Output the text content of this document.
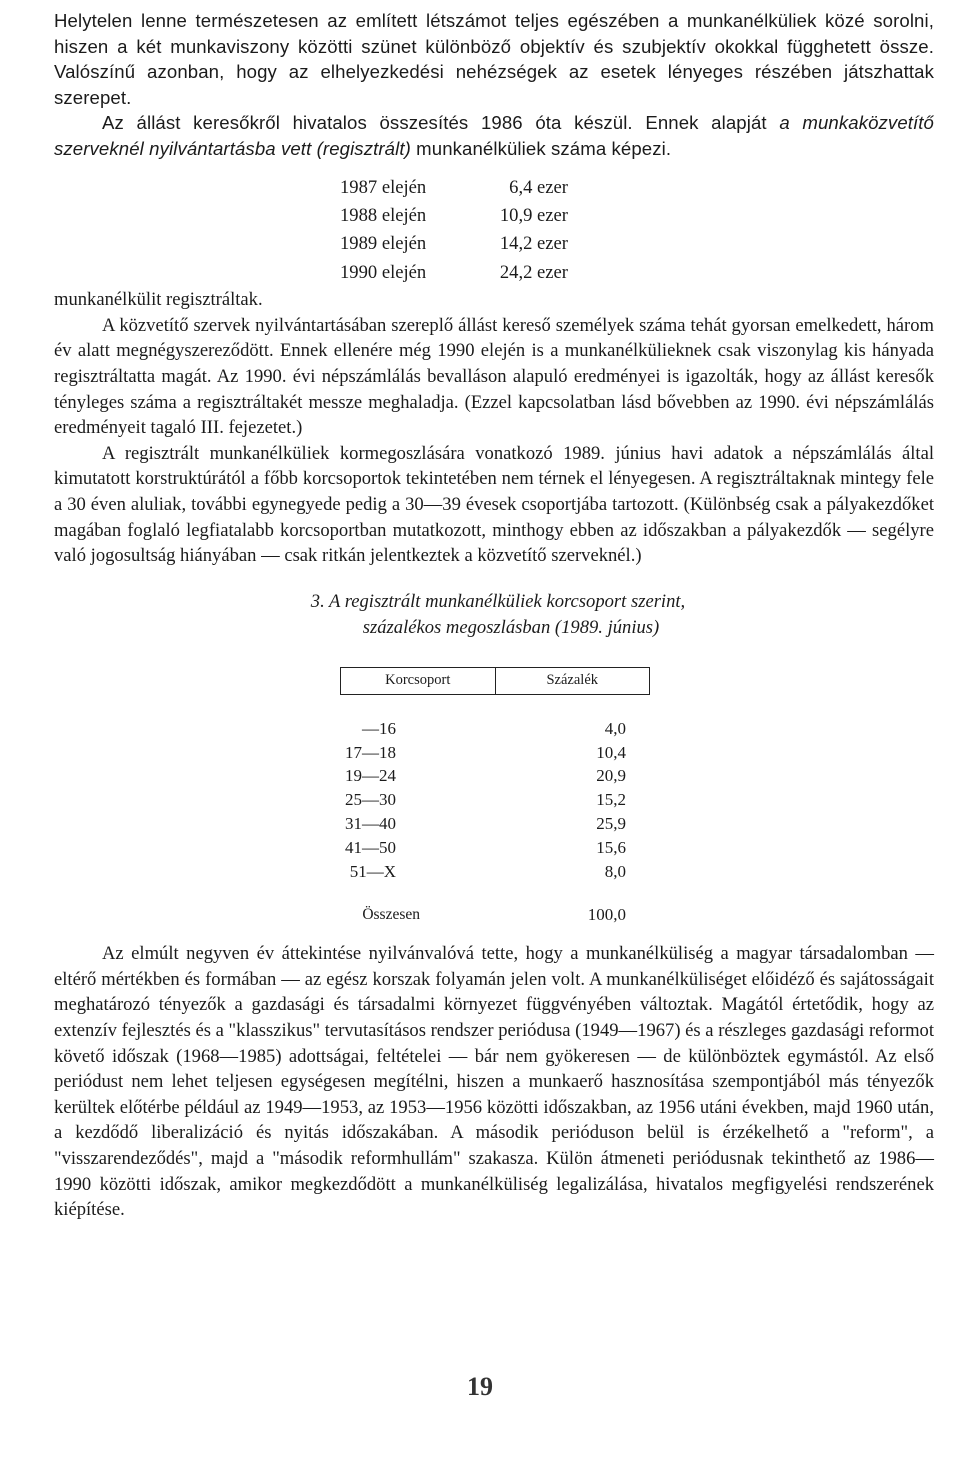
Helytelen lenne természetesen az említett létszámot teljes egészében a munkanélküliek közé sorolni, hiszen a két munkaviszony közötti szünet különböző objektív és szubjektív okokkal függhetett össze. Valószínű azonban, hogy az elhelyezkedési nehézségek az esetek lényeges részében játszhattak szerepet.

Az állást keresőkről hivatalos összesítés 1986 óta készül. Ennek alapját a munkaközvetítő szerveknél nyilvántartásba vett (regisztrált) munkanélküliek száma képezi.

1987 elején	6,4 ezer
1988 elején	10,9 ezer
1989 elején	14,2 ezer
1990 elején	24,2 ezer

munkanélkülit regisztráltak.

A közvetítő szervek nyilvántartásában szereplő állást kereső személyek száma tehát gyorsan emelkedett, három év alatt megnégyszereződött. Ennek ellenére még 1990 elején is a munkanélkülieknek csak viszonylag kis hányada regisztráltatta magát. Az 1990. évi népszámlálás bevalláson alapuló eredményei is igazolták, hogy az állást keresők tényleges száma a regisztráltakét messze meghaladja. (Ezzel kapcsolatban lásd bővebben az 1990. évi népszámlálás eredményeit tagaló III. fejezetet.)

A regisztrált munkanélküliek kormegoszlására vonatkozó 1989. június havi adatok a népszámlálás által kimutatott korstruktúrától a főbb korcsoportok tekintetében nem térnek el lényegesen. A regisztráltaknak mintegy fele a 30 éven aluliak, további egynegyede pedig a 30—39 évesek csoportjába tartozott. (Különbség csak a pályakezdőket magában foglaló legfiatalabb korcsoportban mutatkozott, minthogy ebben az időszakban a pályakezdők — segélyre való jogosultság hiányában — csak ritkán jelentkeztek a közvetítő szerveknél.)

3. A regisztrált munkanélküliek korcsoport szerint,
százalékos megoszlásban (1989. június)
Korcsoport	Százalék
—16	4,0
17—18	10,4
19—24	20,9
25—30	15,2
31—40	25,9
41—50	15,6
51—X	8,0
Összesen	100,0

Az elmúlt negyven év áttekintése nyilvánvalóvá tette, hogy a munkanélküliség a magyar társadalomban — eltérő mértékben és formában — az egész korszak folyamán jelen volt. A munkanélküliséget előidéző és sajátosságait meghatározó tényezők a gazdasági és társadalmi környezet függvényében változtak. Magától értetődik, hogy az extenzív fejlesztés és a "klasszikus" tervutasításos rendszer periódusa (1949—1967) és a részleges gazdasági reformot követő időszak (1968—1985) adottságai, feltételei — bár nem gyökeresen — de különböztek egymástól. Az első periódust nem lehet teljesen egységesen megítélni, hiszen a munkaerő hasznosítása szempontjából más tényezők kerültek előtérbe például az 1949—1953, az 1953—1956 közötti időszakban, az 1956 utáni években, majd 1960 után, a kezdődő liberalizáció és nyitás időszakában. A második perióduson belül is érzékelhető a "reform", a "visszarendeződés", majd a "második reformhullám" szakasza. Külön átmeneti periódusnak tekinthető az 1986—1990 közötti időszak, amikor megkezdődött a munkanélküliség legalizálása, hivatalos megfigyelési rendszerének kiépítése.

19
